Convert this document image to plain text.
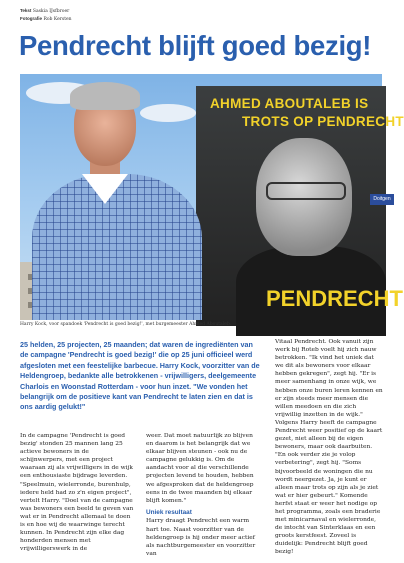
Tekst Saskia IJsfbroer
Fotografie Rob Kersten
Pendrecht blijft goed bezig!
AHMED ABOUTALEB IS
TROTS OP PENDRECHT
PENDRECHT
Doitgen
Harry Kock, voor spandoek 'Pendrecht is goed bezig!', met burgemeester Ahmed Aboutaleb.

25 helden, 25 projecten, 25 maanden; dat waren de ingrediënten van de campagne 'Pendrecht is goed bezig!' die op 25 juni officieel werd afgesloten met een feestelijke barbecue. Harry Kock, voorzitter van de Heldengroep, bedankte alle betrokkenen - vrijwilligers, deelgemeente Charlois en Woonstad Rotterdam - voor hun inzet. "We vonden het belangrijk om de positieve kant van Pendrecht te laten zien en dat is ons aardig gelukt!"

In de campagne 'Pendrecht is goed bezig' stonden 25 mannen lang 25 actieve bewoners in de schijnwerpers, met een project waaraan zij als vrijwilligers in de wijk een enthousiaste bijdrage leverden. "Speelmuin, wielerronde, burenhulp, iedere held had zo z'n eigen project", vertelt Harry. "Doel van de campagne was bewoners een beeld te geven van wat er in Pendrecht allemaal te doen is en hoe wij de waarwinge terecht kunnen. In Pendrecht zijn elke dag honderden mensen met vrijwilligerswerk in de

weer. Dat moet natuurlijk zo blijven en daarom is het belangrijk dat we elkaar blijven steunen - ook nu de campagne gelukkig is. Om de aandacht voor al die verschillende projecten levend te houden, hebben we afgesproken dat de heldengroep eens in de twee maanden bij elkaar blijft komen."

Uniek resultaat

Harry draagt Pendrecht een warm hart toe. Naast voorzitter van de heldengroep is hij onder meer actief als nachtburgemeester en voorzitter van

Vitaal Pendrecht. Ook vanuit zijn werk bij Roteb voelt hij zich nauw betrokken. "Ik vind het uniek dat we dit als bewoners voor elkaar hebben gekregen", zegt hij. "Er is meer samenhang in onze wijk, we hebben onze buren leren kennen en er zijn steeds meer mensen die willen meedoen en die zich vrijwillig inzetten in de wijk." Volgens Harry heeft de campagne Pendrecht weer positief op de kaart gezet, niet alleen bij de eigen bewoners, maar ook daarbuiten. "En ook verder zie je volop verbetering", zegt hij. "Soms bijvoorbeeld de woningen die nu wordt neergezet. Ja, je kunt er alleen maar trots op zijn als je ziet wat er hier gebeurt." Komende herfst staat er weer het nodige op het programma, zoals een braderie met minicarnaval en wielerronde, de intocht van Sinterklaas en een groots kerstfeest. Zoveel is duidelijk: Pendrecht blijft goed bezig!
